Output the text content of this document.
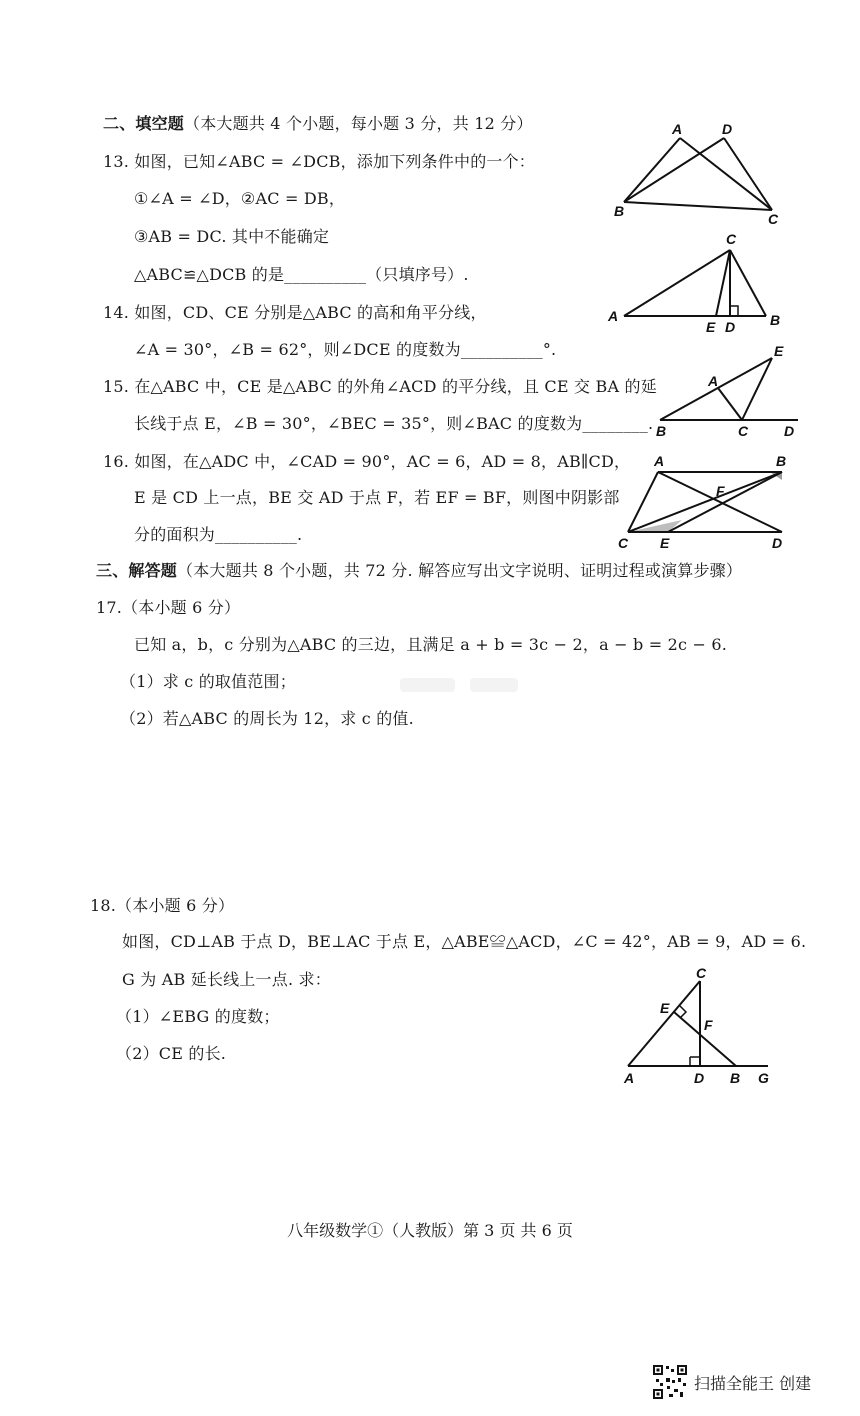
二、填空题（本大题共 4 个小题，每小题 3 分，共 12 分）
13. 如图，已知∠ABC = ∠DCB，添加下列条件中的一个：
①∠A = ∠D，②AC = DB，
③AB = DC. 其中不能确定
△ABC≌△DCB 的是__________（只填序号）.
14. 如图，CD、CE 分别是△ABC 的高和角平分线，
∠A = 30°，∠B = 62°，则∠DCE 的度数为__________°.
15. 在△ABC 中，CE 是△ABC 的外角∠ACD 的平分线，且 CE 交 BA 的延
长线于点 E，∠B = 30°，∠BEC = 35°，则∠BAC 的度数为________.
16. 如图，在△ADC 中，∠CAD = 90°，AC = 6，AD = 8，AB∥CD，
E 是 CD 上一点，BE 交 AD 于点 F，若 EF = BF，则图中阴影部
分的面积为__________.
三、解答题（本大题共 8 个小题，共 72 分. 解答应写出文字说明、证明过程或演算步骤）
17.（本小题 6 分）
已知 a，b，c 分别为△ABC 的三边，且满足 a + b = 3c − 2，a − b = 2c − 6.
（1）求 c 的取值范围；
（2）若△ABC 的周长为 12，求 c 的值.
18.（本小题 6 分）
如图，CD⊥AB 于点 D，BE⊥AC 于点 E，△ABE≌△ACD，∠C = 42°，AB = 9，AD = 6.
G 为 AB 延长线上一点. 求：
（1）∠EBG 的度数；
（2）CE 的长.
A	D
B	C
C
A
E D B
E
A
B	C	D
A	B
F
C E	D
C
E
F
A	D B G
八年级数学①（人教版）第 3 页 共 6 页
扫描全能王 创建
